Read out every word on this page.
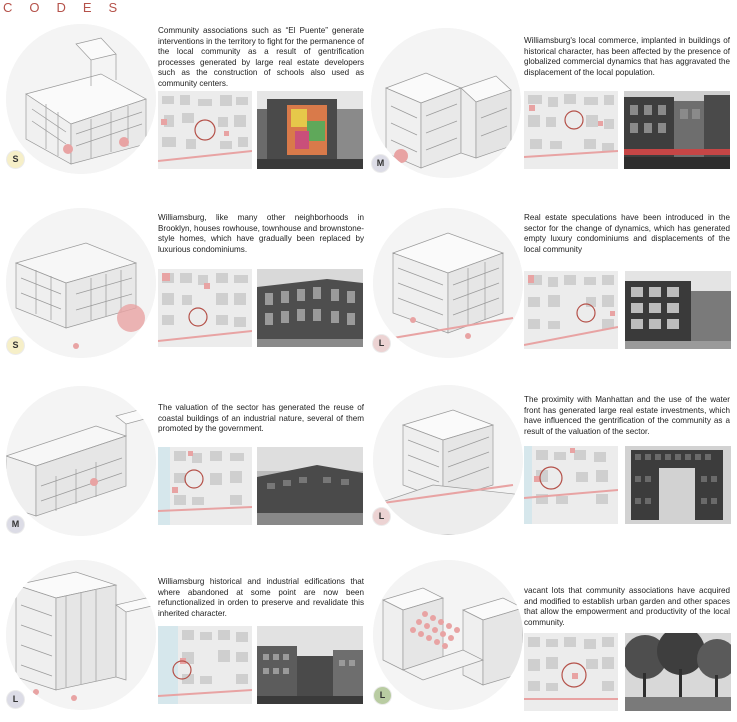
CODES
S
Community associations such as “El Puente” generate interventions in the territory to fight for the permanence of the local community as a result of gentrification processes generated by large real estate developers such as the construction of schools also used as community centers.
M
Williamsburg's local commerce, implanted in buildings of historical character, has been affected by the presence of globalized commercial dynamics that has aggravated the displacement of the local population.
S
Williamsburg, like many other neighborhoods in Brooklyn, houses rowhouse, townhouse and brownstone-style homes, which have gradually been replaced by luxurious condominiums.
L
Real estate speculations have been introduced in the sector for the change of dynamics, which has generated empty luxury condominiums and displacements of the local community
M
The valuation of the sector has generated the reuse of coastal buildings of an industrial nature, several of them promoted by the government.
L
The proximity with Manhattan and the use of the water front has generated large real estate investments, which have influenced the gentrification of the community as a result of the valuation of the sector.
L
Williamsburg historical and industrial edifications that where abandoned at some point are now been refunctionalized in orden to preserve and revalidate this inherited character.
L
vacant lots that community associations have acquired and modified to establish urban garden and other spaces that allow the empowerment and productivity of the local community.
